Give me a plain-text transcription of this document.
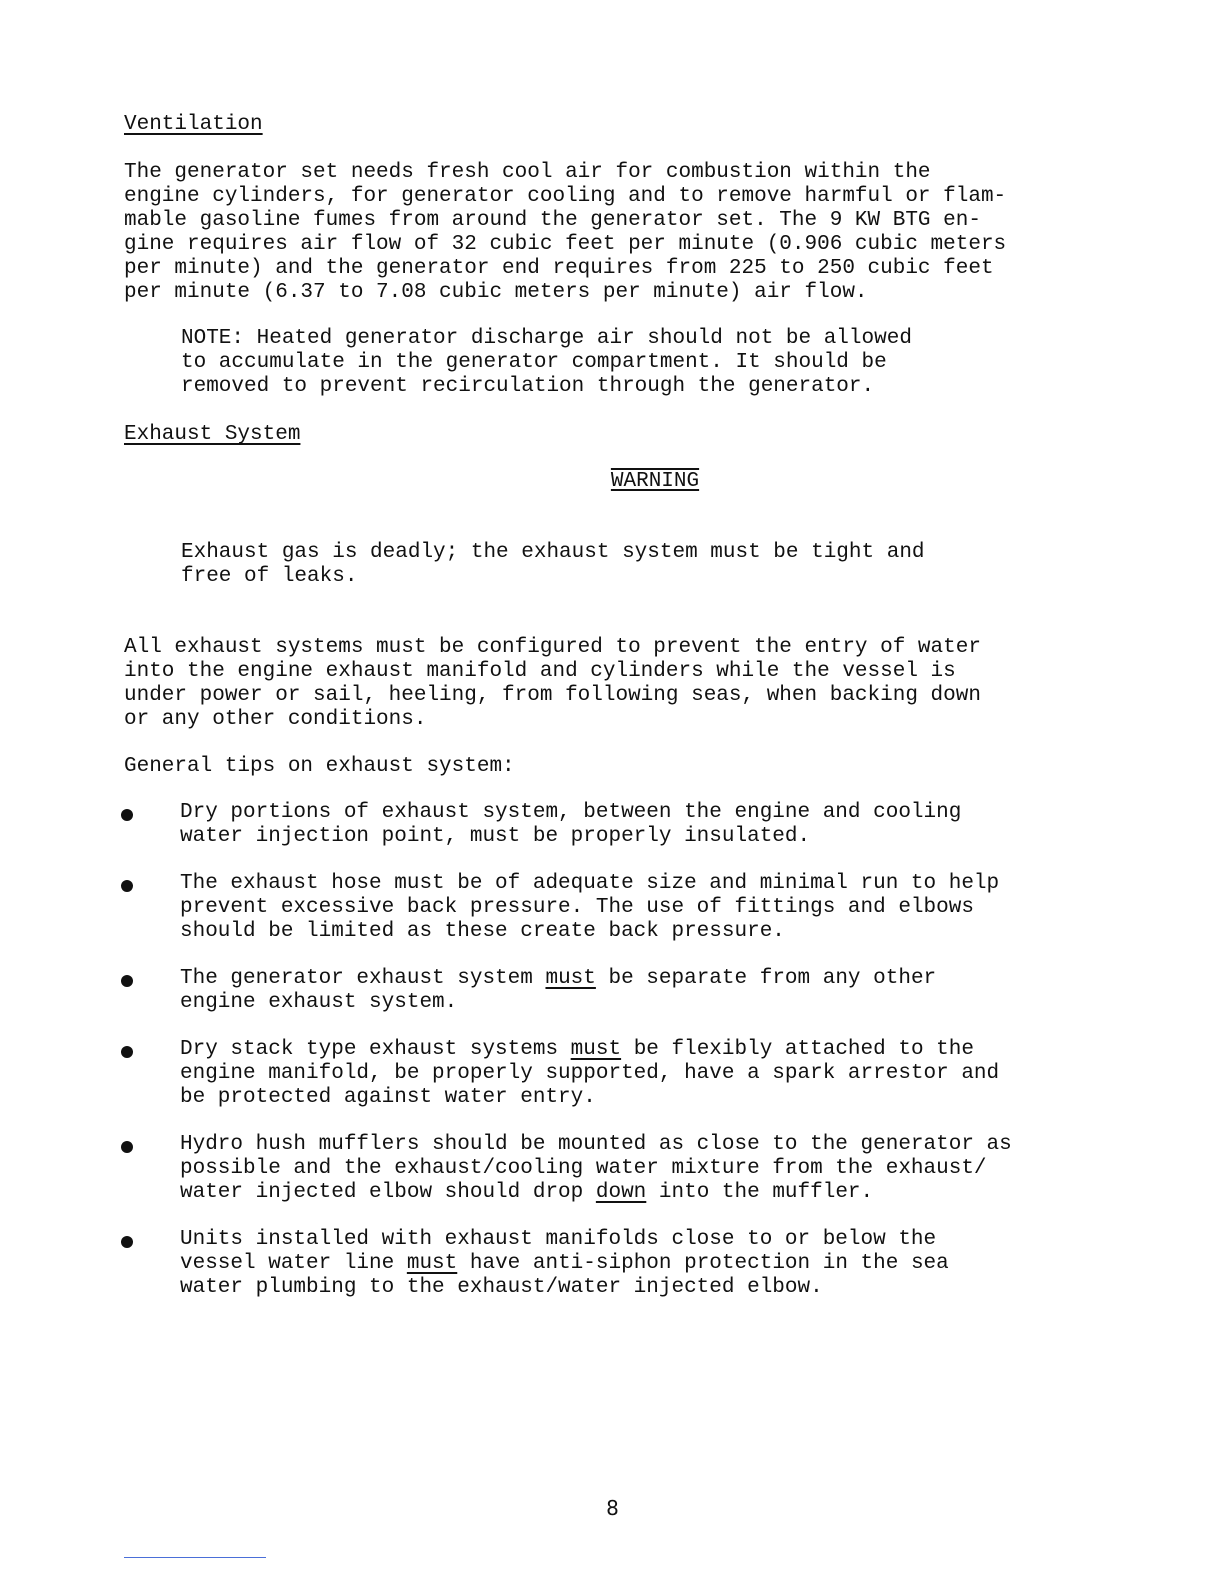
Ventilation
The generator set needs fresh cool air for combustion within the
engine cylinders, for generator cooling and to remove harmful or flam-
mable gasoline fumes from around the generator set. The 9 KW BTG en-
gine requires air flow of 32 cubic feet per minute (0.906 cubic meters
per minute) and the generator end requires from 225 to 250 cubic feet
per minute (6.37 to 7.08 cubic meters per minute) air flow.
NOTE: Heated generator discharge air should not be allowed
to accumulate in the generator compartment. It should be
removed to prevent recirculation through the generator.
Exhaust System
WARNING
Exhaust gas is deadly; the exhaust system must be tight and
free of leaks.
All exhaust systems must be configured to prevent the entry of water
into the engine exhaust manifold and cylinders while the vessel is
under power or sail, heeling, from following seas, when backing down
or any other conditions.
General tips on exhaust system:
Dry portions of exhaust system, between the engine and cooling
water injection point, must be properly insulated.
The exhaust hose must be of adequate size and minimal run to help
prevent excessive back pressure. The use of fittings and elbows
should be limited as these create back pressure.
The generator exhaust system must be separate from any other
engine exhaust system.
Dry stack type exhaust systems must be flexibly attached to the
engine manifold, be properly supported, have a spark arrestor and
be protected against water entry.
Hydro hush mufflers should be mounted as close to the generator as
possible and the exhaust/cooling water mixture from the exhaust/
water injected elbow should drop down into the muffler.
Units installed with exhaust manifolds close to or below the
vessel water line must have anti-siphon protection in the sea
water plumbing to the exhaust/water injected elbow.
8
